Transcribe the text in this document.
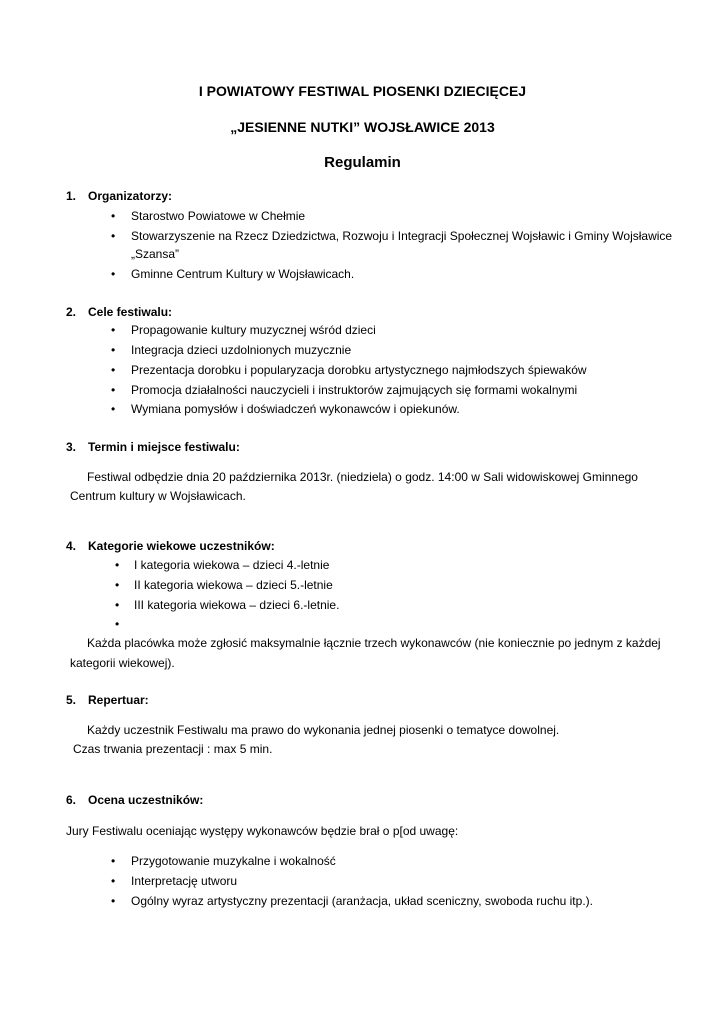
I POWIATOWY FESTIWAL PIOSENKI DZIECIĘCEJ
„JESIENNE NUTKI” WOJSŁAWICE 2013
Regulamin
1. Organizatorzy:
• Starostwo Powiatowe w Chełmie
• Stowarzyszenie na Rzecz Dziedzictwa, Rozwoju i Integracji Społecznej Wojsławic i Gminy Wojsławice
„Szansa”
• Gminne Centrum Kultury w Wojsławicach.
2. Cele festiwalu:
• Propagowanie kultury muzycznej wśród dzieci
• Integracja dzieci uzdolnionych muzycznie
• Prezentacja dorobku i popularyzacja dorobku artystycznego najmłodszych śpiewaków
• Promocja działalności nauczycieli i instruktorów zajmujących się formami wokalnymi
• Wymiana pomysłów i doświadczeń wykonawców i opiekunów.
3. Termin i miejsce festiwalu:
Festiwal odbędzie dnia 20 października 2013r. (niedziela) o godz. 14:00 w Sali widowiskowej Gminnego
Centrum kultury w Wojsławicach.
4. Kategorie wiekowe uczestników:
• I kategoria wiekowa – dzieci 4.-letnie
• II kategoria wiekowa – dzieci 5.-letnie
• III kategoria wiekowa – dzieci 6.-letnie.
•
Każda placówka może zgłosić maksymalnie łącznie trzech wykonawców (nie koniecznie po jednym z każdej
kategorii wiekowej).
5. Repertuar:
Każdy uczestnik Festiwalu ma prawo do wykonania jednej piosenki o tematyce dowolnej.
Czas trwania prezentacji : max 5 min.
6. Ocena uczestników:
Jury Festiwalu oceniając występy wykonawców będzie brał o p[od uwagę:
• Przygotowanie muzykalne i wokalność
• Interpretację utworu
• Ogólny wyraz artystyczny prezentacji (aranżacja, układ sceniczny, swoboda ruchu itp.).
